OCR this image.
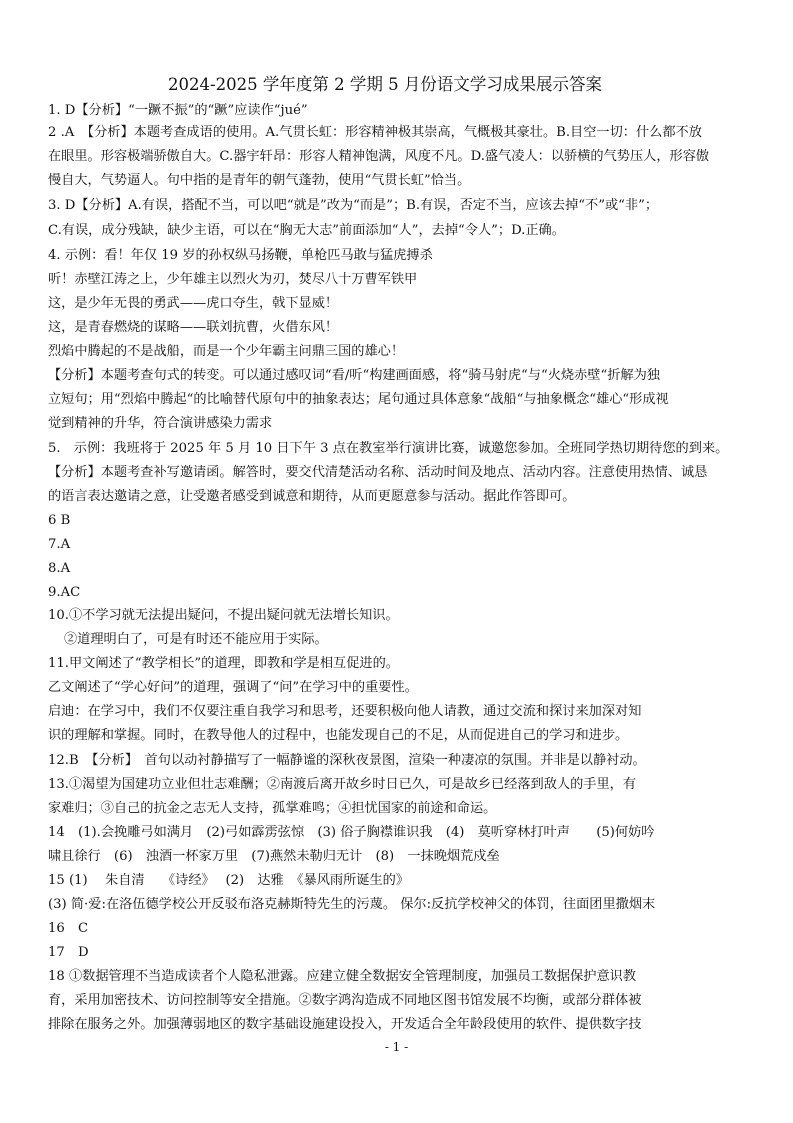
2024-2025 学年度第 2 学期 5 月份语文学习成果展示答案
1. D【分析】“一蹶不振”的“蹶”应读作“jué”
2 .A　【分析】本题考查成语的使用。A.气贯长虹：形容精神极其崇高，气概极其豪壮。B.目空一切：什么都不放
在眼里。形容极端骄傲自大。C.器宇轩昂：形容人精神饱满，风度不凡。D.盛气凌人：以骄横的气势压人，形容傲
慢自大，气势逼人。句中指的是青年的朝气蓬勃，使用“气贯长虹”恰当。
3. D【分析】A.有误，搭配不当，可以吧“就是”改为“而是”；B.有误，否定不当，应该去掉“不”或“非”；
C.有误，成分残缺，缺少主语，可以在“胸无大志”前面添加“人”，去掉“令人”；D.正确。
4. 示例：看！年仅 19 岁的孙权纵马扬鞭，单枪匹马敢与猛虎搏杀
听！赤壁江涛之上，少年雄主以烈火为刃，焚尽八十万曹军铁甲
这，是少年无畏的勇武——虎口夺生，戟下显威！
这，是青春燃烧的谋略——联刘抗曹，火借东风！
烈焰中腾起的不是战船，而是一个少年霸主问鼎三国的雄心！
【分析】本题考查句式的转变。可以通过感叹词“看/听“构建画面感，将“骑马射虎“与“火烧赤壁“折解为独
立短句；用“烈焰中腾起“的比喻替代原句中的抽象表达；尾句通过具体意象“战船“与抽象概念“雄心“形成视
觉到精神的升华，符合演讲感染力需求
5.　示例：我班将于 2025 年 5 月 10 日下午 3 点在教室举行演讲比赛，诚邀您参加。全班同学热切期待您的到来。
【分析】本题考查补写邀请函。解答时，要交代清楚活动名称、活动时间及地点、活动内容。注意使用热情、诚恳
的语言表达邀请之意，让受邀者感受到诚意和期待，从而更愿意参与活动。据此作答即可。
6 B
7.A
8.A
9.AC
10.①不学习就无法提出疑问，不提出疑问就无法增长知识。
②道理明白了，可是有时还不能应用于实际。
11.甲文阐述了“教学相长”的道理，即教和学是相互促进的。
乙文阐述了“学心好问”的道理，强调了“问”在学习中的重要性。
启迪：在学习中，我们不仅要注重自我学习和思考，还要积极向他人请教，通过交流和探讨来加深对知
识的理解和掌握。同时，在教导他人的过程中，也能发现自己的不足，从而促进自己的学习和进步。
12.B　【分析】　首句以动衬静描写了一幅静谧的深秋夜景图，渲染一种凄凉的氛围。并非是以静衬动。
13.①渴望为国建功立业但壮志难酬；②南渡后离开故乡时日已久，可是故乡已经落到敌人的手里，有
家难归；③自己的抗金之志无人支持，孤掌难鸣；④担忧国家的前途和命运。
14　(1).会挽雕弓如满月　(2)弓如霹雳弦惊　(3) 俗子胸襟谁识我　(4)　莫听穿林打叶声　　(5)何妨吟
啸且徐行　(6)　浊酒一杯家万里　(7)燕然未勒归无计　(8)　一抹晚烟荒戍垒
15 (1)　 朱自清　 《诗经》　 (2)　达雅　《暴风雨所诞生的》
(3) 简·爱:在洛伍德学校公开反驳布洛克赫斯特先生的污蔑。 保尔:反抗学校神父的体罚，往面团里撒烟末
16　C
17　D
18 ①数据管理不当造成读者个人隐私泄露。应建立健全数据安全管理制度，加强员工数据保护意识教
育，采用加密技术、访问控制等安全措施。②数字鸿沟造成不同地区图书馆发展不均衡，或部分群体被
排除在服务之外。加强薄弱地区的数字基础设施建设投入，开发适合全年龄段使用的软件、提供数字技
- 1 -
